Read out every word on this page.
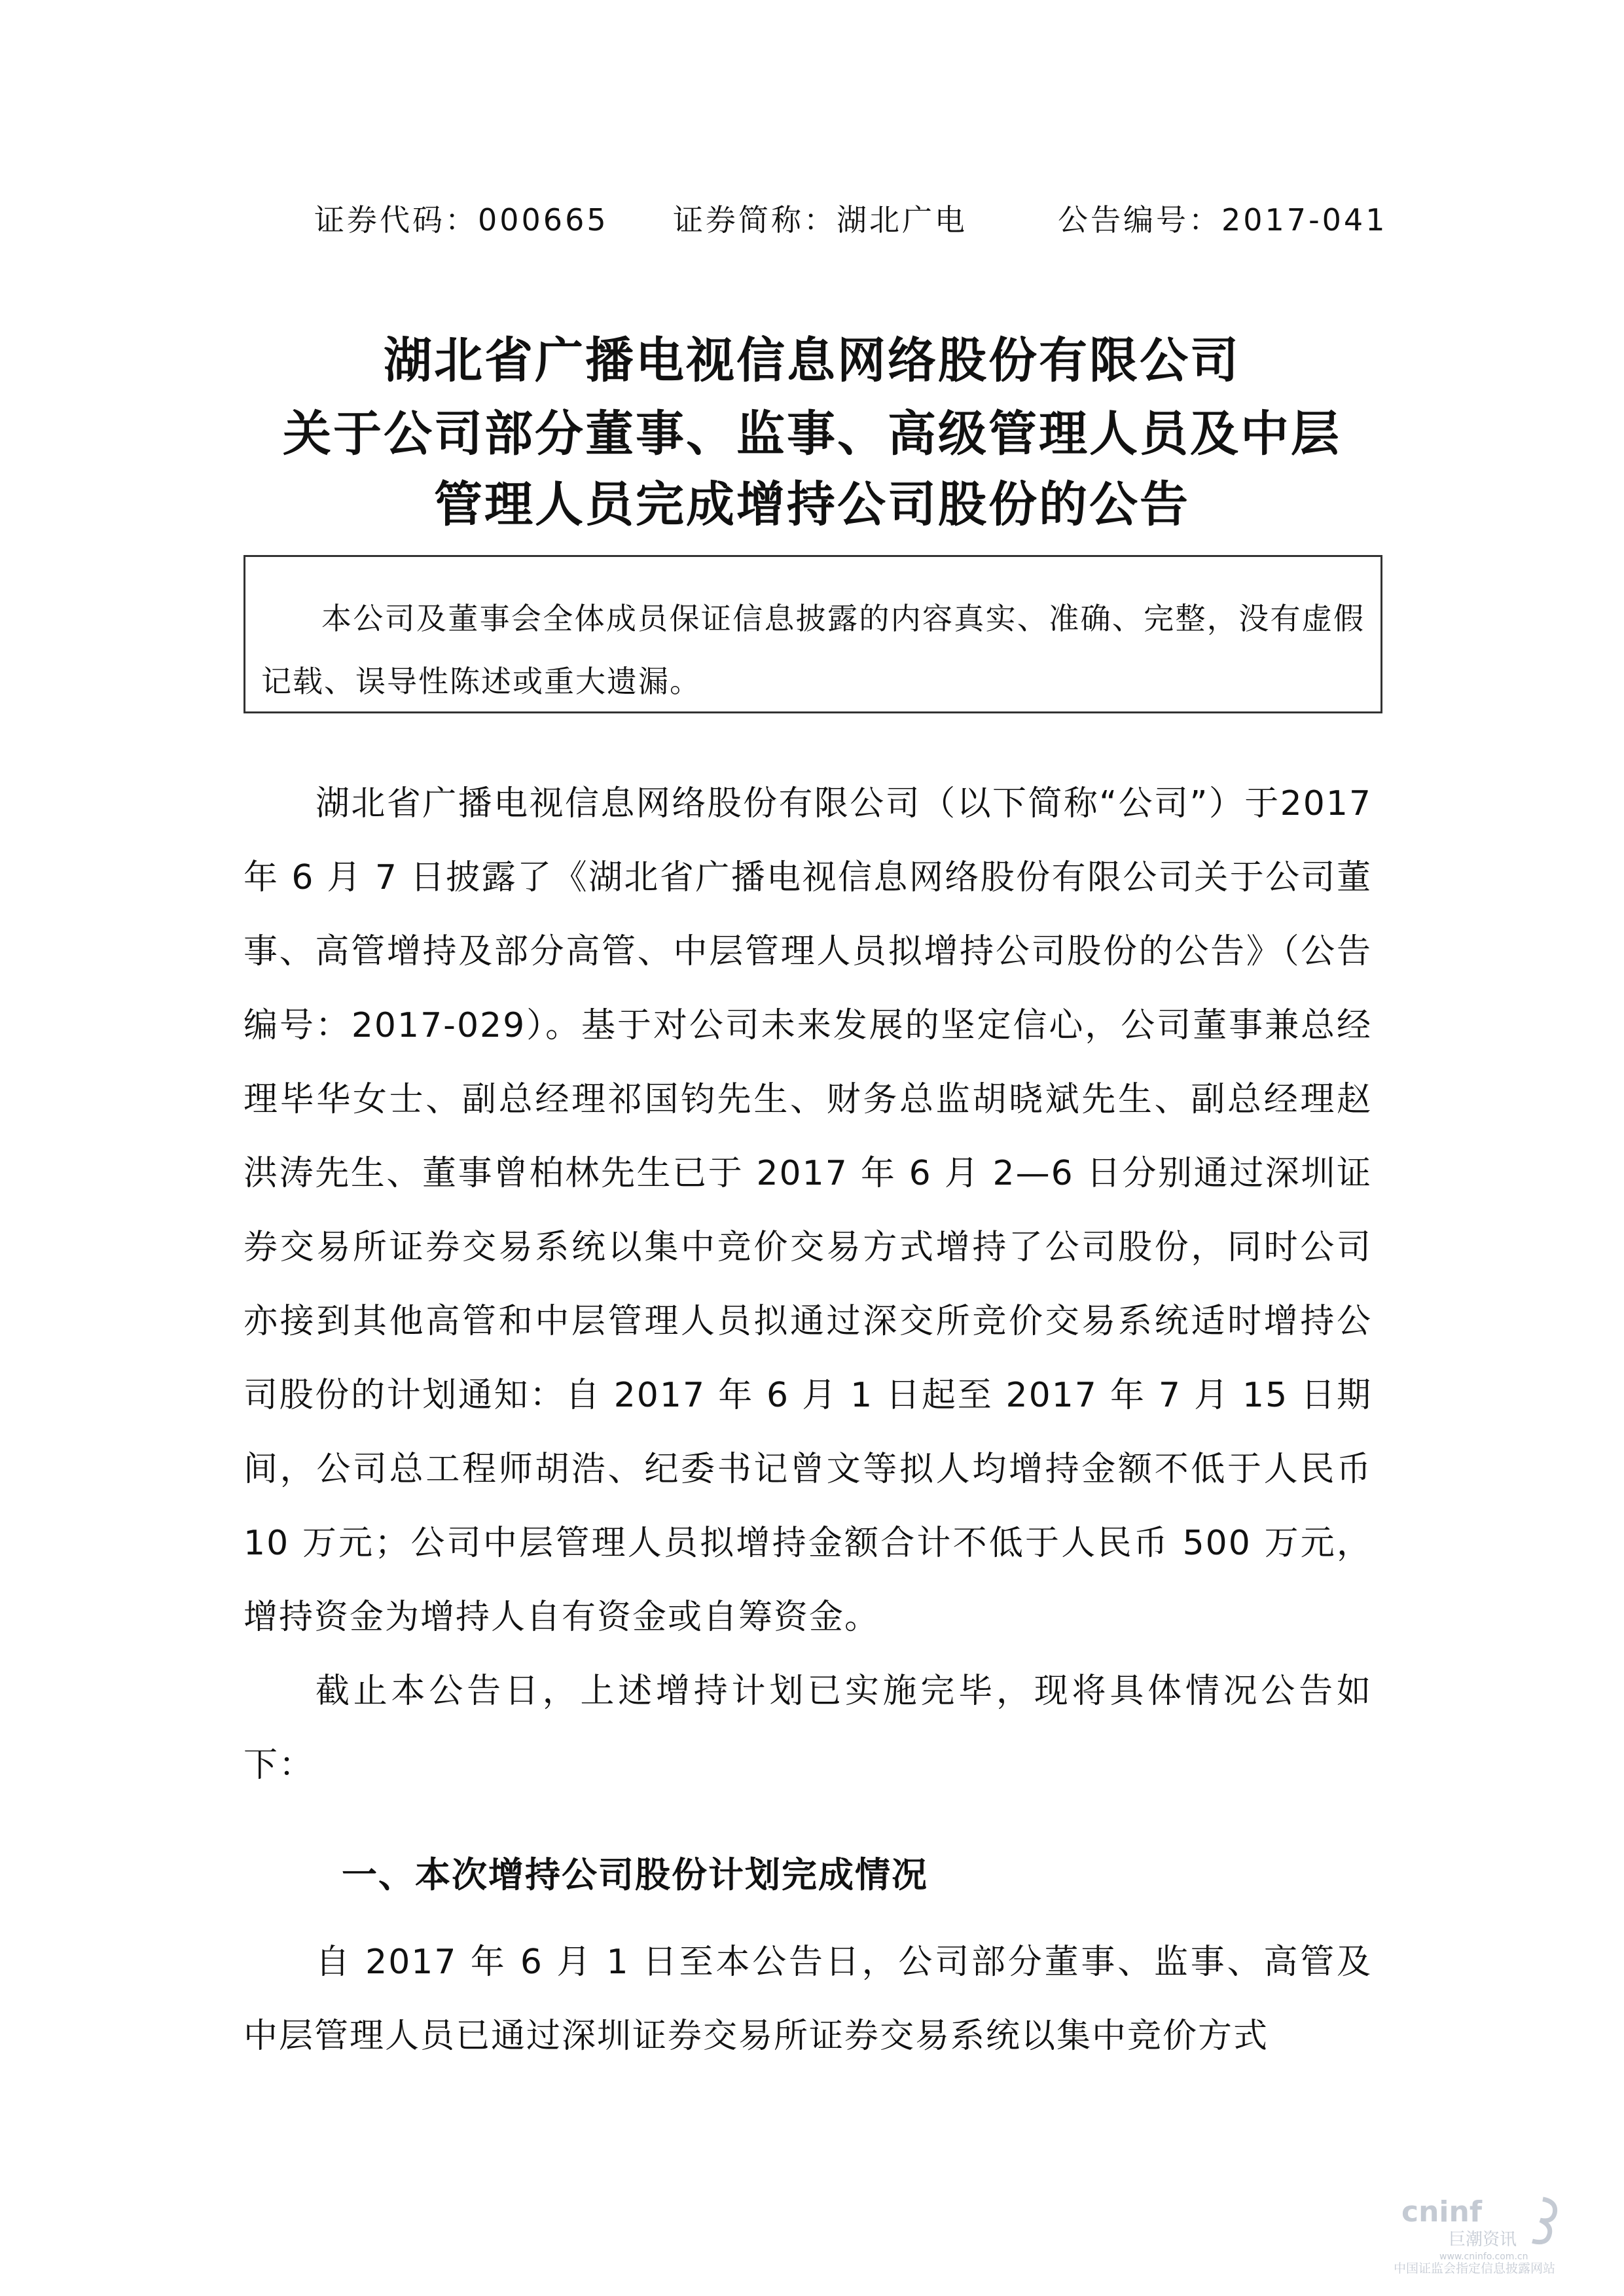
证券代码：000665 证券简称：湖北广电	公告编号：2017-041
湖北省广播电视信息网络股份有限公司
关于公司部分董事、监事、高级管理人员及中层
管理人员完成增持公司股份的公告

本公司及董事会全体成员保证信息披露的内容真实、准确、完整，没有虚假记载、误导性陈述或重大遗漏。

湖北省广播电视信息网络股份有限公司（以下简称“公司”）于2017 年 6 月 7 日披露了《湖北省广播电视信息网络股份有限公司关于公司董事、高管增持及部分高管、中层管理人员拟增持公司股份的公告》（公告编号：2017-029）。基于对公司未来发展的坚定信心，公司董事兼总经理毕华女士、副总经理祁国钧先生、财务总监胡晓斌先生、副总经理赵洪涛先生、董事曾柏林先生已于 2017 年 6 月 2—6 日分别通过深圳证券交易所证券交易系统以集中竞价交易方式增持了公司股份，同时公司亦接到其他高管和中层管理人员拟通过深交所竞价交易系统适时增持公司股份的计划通知：自 2017 年 6 月 1 日起至 2017 年 7 月 15 日期间，公司总工程师胡浩、纪委书记曾文等拟人均增持金额不低于人民币 10 万元；公司中层管理人员拟增持金额合计不低于人民币 500 万元，增持资金为增持人自有资金或自筹资金。

截止本公告日，上述增持计划已实施完毕，现将具体情况公告如下：

一、本次增持公司股份计划完成情况

自 2017 年 6 月 1 日至本公告日，公司部分董事、监事、高管及中层管理人员已通过深圳证券交易所证券交易系统以集中竞价方式

cninf
巨潮资讯
www.cninfo.com.cn
中国证监会指定信息披露网站
